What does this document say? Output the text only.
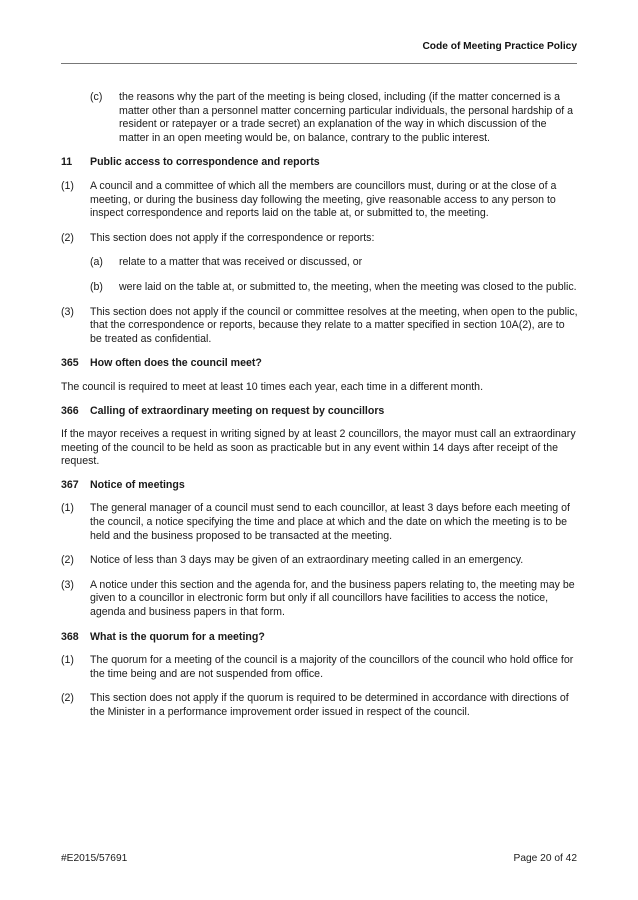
Code of Meeting Practice Policy
(c) the reasons why the part of the meeting is being closed, including (if the matter concerned is a matter other than a personnel matter concerning particular individuals, the personal hardship of a resident or ratepayer or a trade secret) an explanation of the way in which discussion of the matter in an open meeting would be, on balance, contrary to the public interest.
11 Public access to correspondence and reports
(1) A council and a committee of which all the members are councillors must, during or at the close of a meeting, or during the business day following the meeting, give reasonable access to any person to inspect correspondence and reports laid on the table at, or submitted to, the meeting.
(2) This section does not apply if the correspondence or reports:
(a) relate to a matter that was received or discussed, or
(b) were laid on the table at, or submitted to, the meeting, when the meeting was closed to the public.
(3) This section does not apply if the council or committee resolves at the meeting, when open to the public, that the correspondence or reports, because they relate to a matter specified in section 10A(2), are to be treated as confidential.
365 How often does the council meet?
The council is required to meet at least 10 times each year, each time in a different month.
366 Calling of extraordinary meeting on request by councillors
If the mayor receives a request in writing signed by at least 2 councillors, the mayor must call an extraordinary meeting of the council to be held as soon as practicable but in any event within 14 days after receipt of the request.
367 Notice of meetings
(1) The general manager of a council must send to each councillor, at least 3 days before each meeting of the council, a notice specifying the time and place at which and the date on which the meeting is to be held and the business proposed to be transacted at the meeting.
(2) Notice of less than 3 days may be given of an extraordinary meeting called in an emergency.
(3) A notice under this section and the agenda for, and the business papers relating to, the meeting may be given to a councillor in electronic form but only if all councillors have facilities to access the notice, agenda and business papers in that form.
368 What is the quorum for a meeting?
(1) The quorum for a meeting of the council is a majority of the councillors of the council who hold office for the time being and are not suspended from office.
(2) This section does not apply if the quorum is required to be determined in accordance with directions of the Minister in a performance improvement order issued in respect of the council.
#E2015/57691	Page 20 of 42
